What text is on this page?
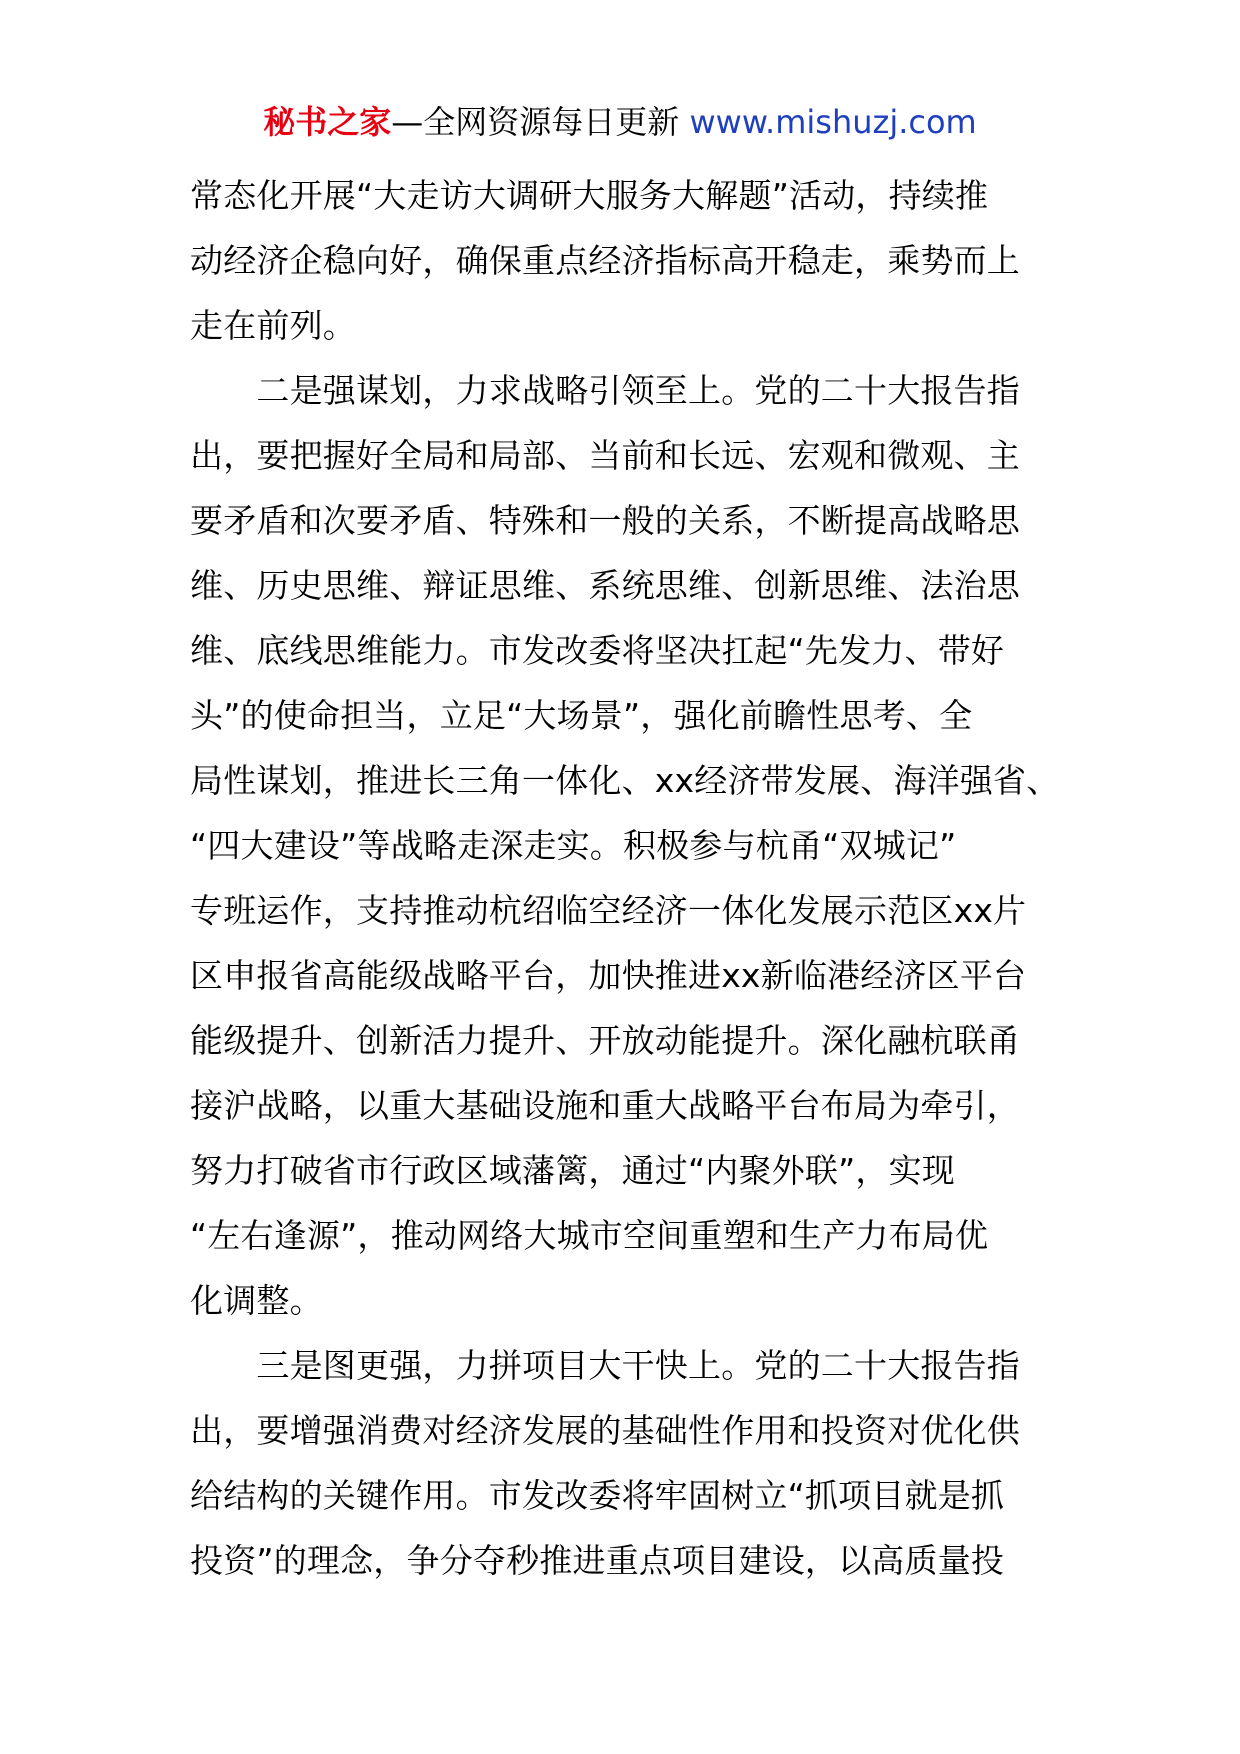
秘书之家—全网资源每日更新 www.mishuzj.com
常态化开展“大走访大调研大服务大解题”活动，持续推
动经济企稳向好，确保重点经济指标高开稳走，乘势而上
走在前列。
　　二是强谋划，力求战略引领至上。党的二十大报告指
出，要把握好全局和局部、当前和长远、宏观和微观、主
要矛盾和次要矛盾、特殊和一般的关系，不断提高战略思
维、历史思维、辩证思维、系统思维、创新思维、法治思
维、底线思维能力。市发改委将坚决扛起“先发力、带好
头”的使命担当，立足“大场景”，强化前瞻性思考、全
局性谋划，推进长三角一体化、xx经济带发展、海洋强省、
“四大建设”等战略走深走实。积极参与杭甬“双城记”
专班运作，支持推动杭绍临空经济一体化发展示范区xx片
区申报省高能级战略平台，加快推进xx新临港经济区平台
能级提升、创新活力提升、开放动能提升。深化融杭联甬
接沪战略，以重大基础设施和重大战略平台布局为牵引，
努力打破省市行政区域藩篱，通过“内聚外联”，实现
“左右逢源”，推动网络大城市空间重塑和生产力布局优
化调整。
　　三是图更强，力拼项目大干快上。党的二十大报告指
出，要增强消费对经济发展的基础性作用和投资对优化供
给结构的关键作用。市发改委将牢固树立“抓项目就是抓
投资”的理念，争分夺秒推进重点项目建设，以高质量投
